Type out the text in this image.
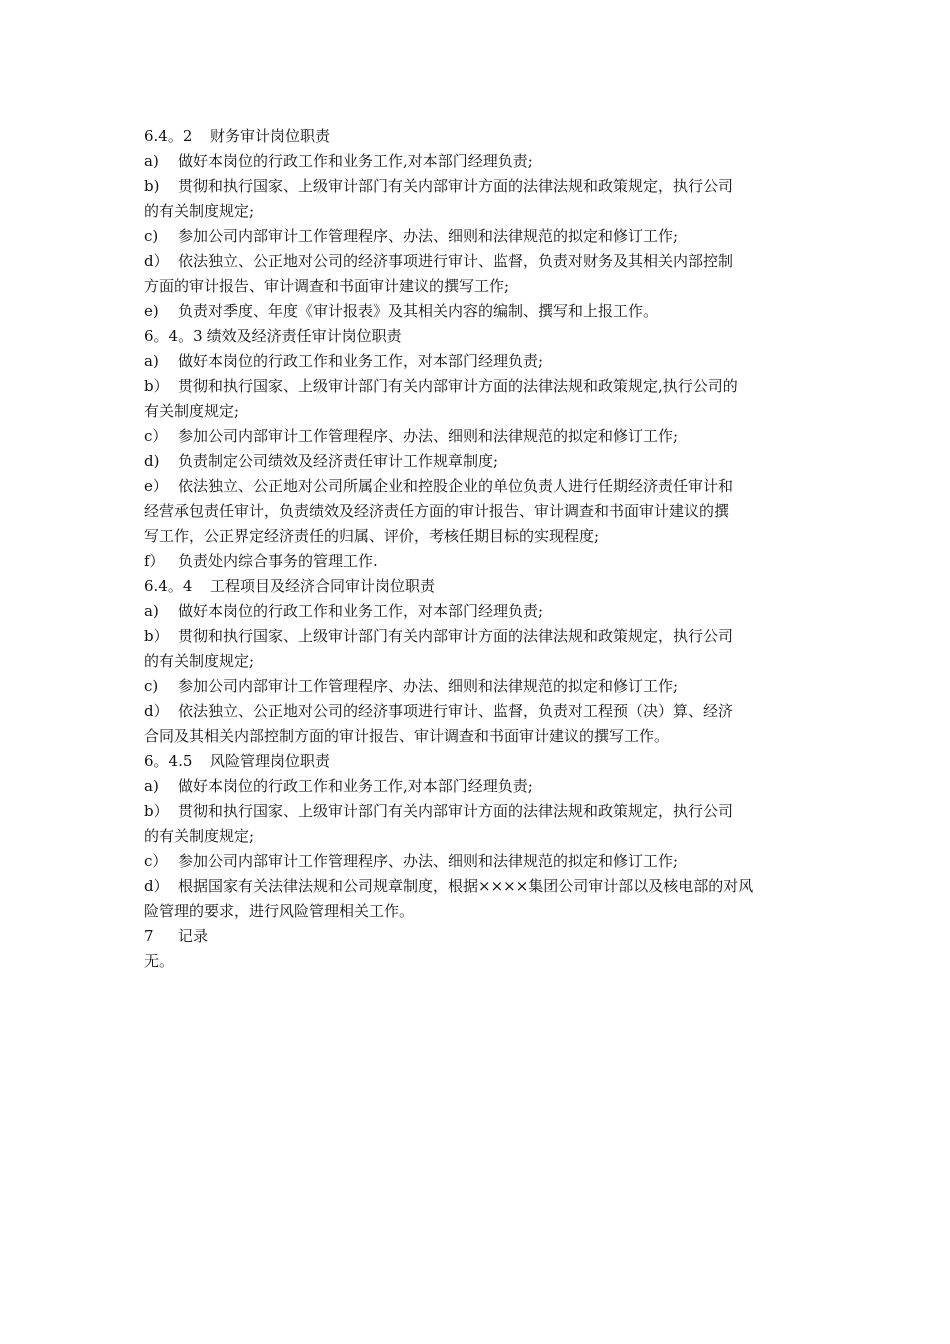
6.4。2 财务审计岗位职责
a) 做好本岗位的行政工作和业务工作,对本部门经理负责;
b) 贯彻和执行国家、上级审计部门有关内部审计方面的法律法规和政策规定，执行公司
的有关制度规定;
c) 参加公司内部审计工作管理程序、办法、细则和法律规范的拟定和修订工作;
d） 依法独立、公正地对公司的经济事项进行审计、监督，负责对财务及其相关内部控制
方面的审计报告、审计调查和书面审计建议的撰写工作;
e) 负责对季度、年度《审计报表》及其相关内容的编制、撰写和上报工作。
6。4。3 绩效及经济责任审计岗位职责
a) 做好本岗位的行政工作和业务工作，对本部门经理负责;
b） 贯彻和执行国家、上级审计部门有关内部审计方面的法律法规和政策规定,执行公司的
有关制度规定;
c） 参加公司内部审计工作管理程序、办法、细则和法律规范的拟定和修订工作;
d) 负责制定公司绩效及经济责任审计工作规章制度;
e） 依法独立、公正地对公司所属企业和控股企业的单位负责人进行任期经济责任审计和
经营承包责任审计，负责绩效及经济责任方面的审计报告、审计调查和书面审计建议的撰
写工作，公正界定经济责任的归属、评价，考核任期目标的实现程度;
f） 负责处内综合事务的管理工作.
6.4。4 工程项目及经济合同审计岗位职责
a) 做好本岗位的行政工作和业务工作，对本部门经理负责;
b） 贯彻和执行国家、上级审计部门有关内部审计方面的法律法规和政策规定，执行公司
的有关制度规定;
c) 参加公司内部审计工作管理程序、办法、细则和法律规范的拟定和修订工作;
d） 依法独立、公正地对公司的经济事项进行审计、监督，负责对工程预（决）算、经济
合同及其相关内部控制方面的审计报告、审计调查和书面审计建议的撰写工作。
6。4.5 风险管理岗位职责
a) 做好本岗位的行政工作和业务工作,对本部门经理负责;
b） 贯彻和执行国家、上级审计部门有关内部审计方面的法律法规和政策规定，执行公司
的有关制度规定;
c） 参加公司内部审计工作管理程序、办法、细则和法律规范的拟定和修订工作;
d） 根据国家有关法律法规和公司规章制度，根据××××集团公司审计部以及核电部的对风
险管理的要求，进行风险管理相关工作。
7 记录
无。
